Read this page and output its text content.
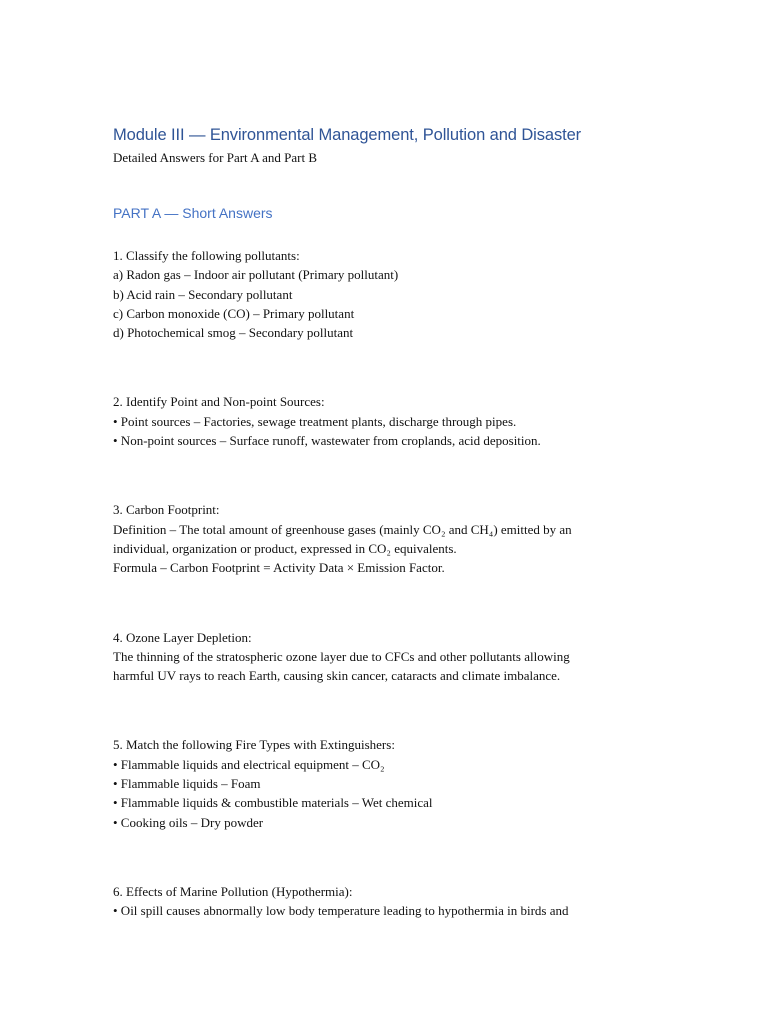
Module III — Environmental Management, Pollution and Disaster

Detailed Answers for Part A and Part B

PART A — Short Answers
1. Classify the following pollutants:
a) Radon gas – Indoor air pollutant (Primary pollutant)
b) Acid rain – Secondary pollutant
c) Carbon monoxide (CO) – Primary pollutant
d) Photochemical smog – Secondary pollutant
2. Identify Point and Non-point Sources:
• Point sources – Factories, sewage treatment plants, discharge through pipes.
• Non-point sources – Surface runoff, wastewater from croplands, acid deposition.
3. Carbon Footprint:
Definition – The total amount of greenhouse gases (mainly CO₂ and CH₄) emitted by an
individual, organization or product, expressed in CO₂ equivalents.
Formula – Carbon Footprint = Activity Data × Emission Factor.
4. Ozone Layer Depletion:
The thinning of the stratospheric ozone layer due to CFCs and other pollutants allowing
harmful UV rays to reach Earth, causing skin cancer, cataracts and climate imbalance.
5. Match the following Fire Types with Extinguishers:
• Flammable liquids and electrical equipment – CO₂
• Flammable liquids – Foam
• Flammable liquids & combustible materials – Wet chemical
• Cooking oils – Dry powder
6. Effects of Marine Pollution (Hypothermia):
• Oil spill causes abnormally low body temperature leading to hypothermia in birds and
